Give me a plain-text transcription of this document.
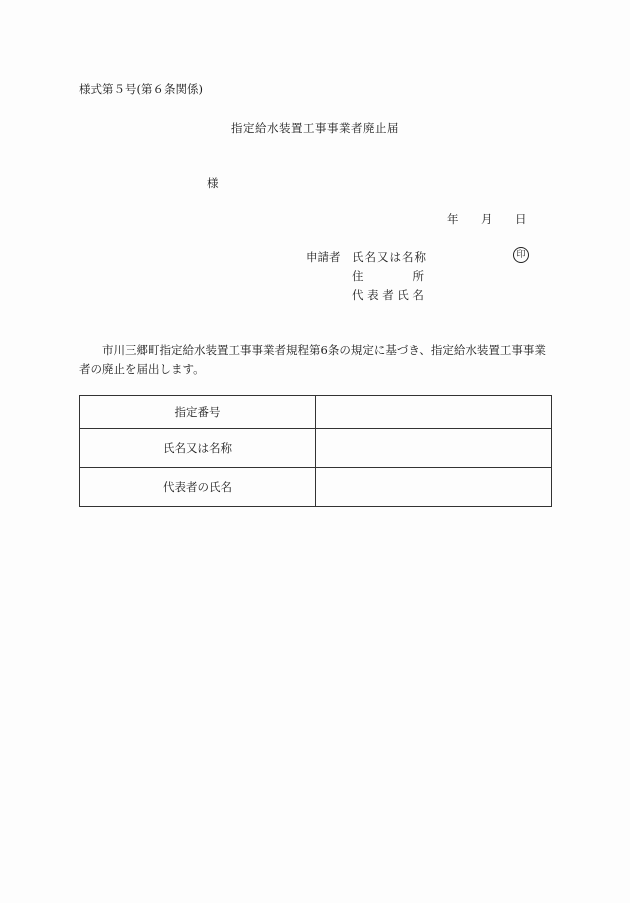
様式第５号(第６条関係)
指定給水装置工事事業者廃止届
様
年 月 日
申請者 氏名又は名称	印
住	所
代表者氏名
市川三郷町指定給水装置工事事業者規程第6条の規定に基づき、指定給水装置工事事業者の廃止を届出します。
指定番号	
氏名又は名称	
代表者の氏名	
